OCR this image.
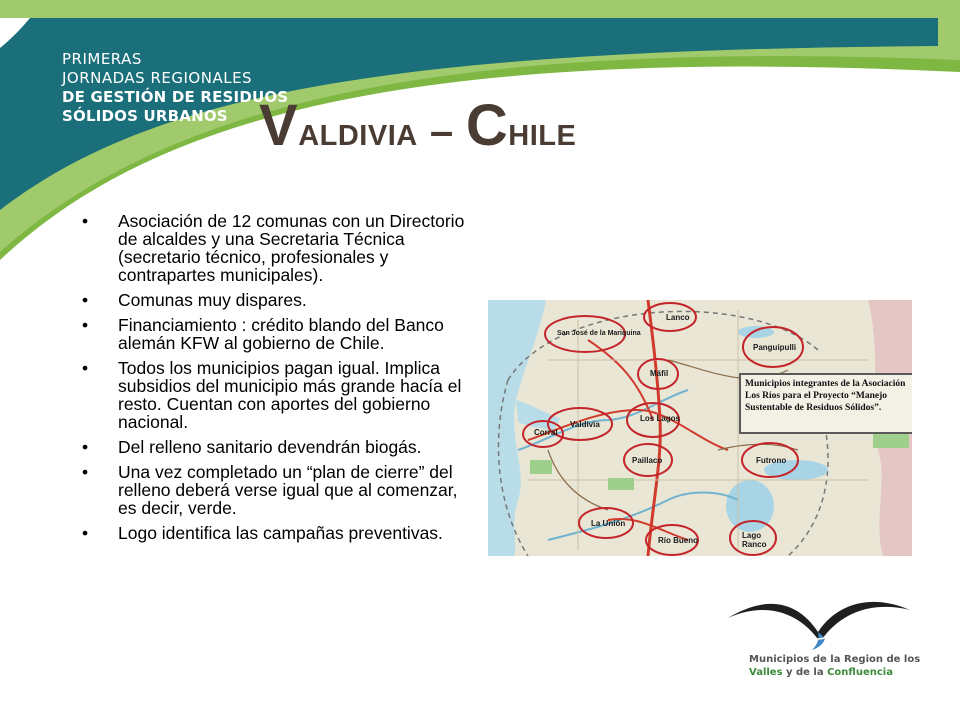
PRIMERAS
JORNADAS REGIONALES
DE GESTIÓN DE RESIDUOS
SÓLIDOS URBANOS Valdivia – Chile
• Asociación de 12 comunas con un Directorio de alcaldes y una Secretaria Técnica (secretario técnico, profesionales y contrapartes municipales).
• Comunas muy dispares.
• Financiamiento : crédito blando del Banco alemán KFW al gobierno de Chile.
• Todos los municipios pagan igual. Implica subsidios del municipio más grande hacía el resto. Cuentan con aportes del gobierno nacional.
• Del relleno sanitario devendrán biogás.
• Una vez completado un “plan de cierre” del relleno deberá verse igual que al comenzar, es decir, verde.
• Logo identifica las campañas preventivas.
Lanco
San José de la Mariquina
Panguipulli
Máfil
Valdivia
Corral
Los Lagos
Paillaco	Futrono
La Unión
Río Bueno
Lago Ranco
Municipios integrantes de la Asociación Los Ríos para el Proyecto “Manejo Sustentable de Residuos Sólidos”.
Municipios de la Region de los
Valles y de la Confluencia
